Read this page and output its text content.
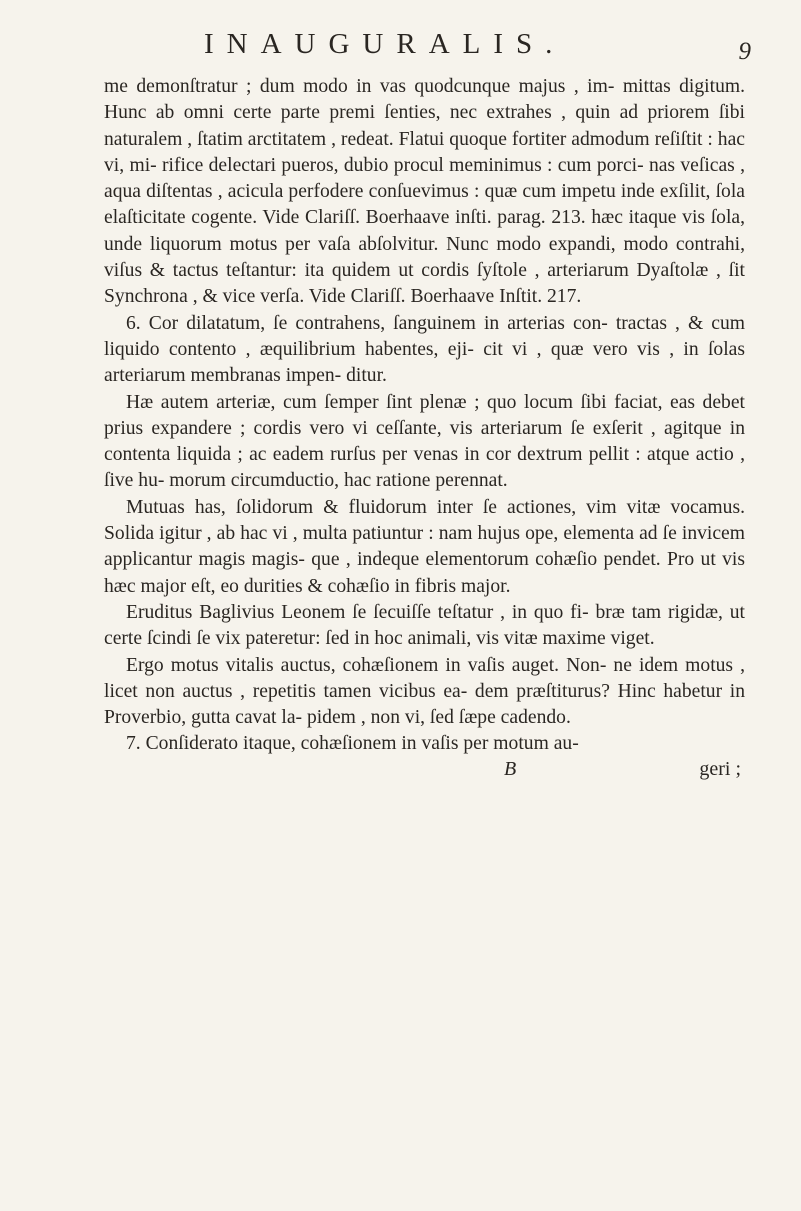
INAUGURALIS.	9

me demonſtratur ; dum modo in vas quodcunque majus , im- mittas digitum. Hunc ab omni certe parte premi ſenties, nec extrahes , quin ad priorem ſibi naturalem , ſtatim arctitatem , redeat. Flatui quoque fortiter admodum reſiſtit : hac vi, mi- rifice delectari pueros, dubio procul meminimus : cum porci- nas veſicas , aqua diſtentas , acicula perfodere conſuevimus : quæ cum impetu inde exſilit, ſola elaſticitate cogente. Vide Clariſſ. Boerhaave inſti. parag. 213. hæc itaque vis ſola, unde liquorum motus per vaſa abſolvitur. Nunc modo expandi, modo contrahi, viſus & tactus teſtantur: ita quidem ut cordis ſyſtole , arteriarum Dyaſtolæ , ſit Synchrona , & vice verſa. Vide Clariſſ. Boerhaave Inſtit. 217.

6. Cor dilatatum, ſe contrahens, ſanguinem in arterias con- tractas , & cum liquido contento , æquilibrium habentes, eji- cit vi , quæ vero vis , in ſolas arteriarum membranas impen- ditur.

Hæ autem arteriæ, cum ſemper ſint plenæ ; quo locum ſibi faciat, eas debet prius expandere ; cordis vero vi ceſſante, vis arteriarum ſe exſerit , agitque in contenta liquida ; ac eadem rurſus per venas in cor dextrum pellit : atque actio , ſive hu- morum circumductio, hac ratione perennat.

Mutuas has, ſolidorum & fluidorum inter ſe actiones, vim vitæ vocamus. Solida igitur , ab hac vi , multa patiuntur : nam hujus ope, elementa ad ſe invicem applicantur magis magis- que , indeque elementorum cohæſio pendet. Pro ut vis hæc major eſt, eo durities & cohæſio in fibris major.

Eruditus Baglivius Leonem ſe ſecuiſſe teſtatur , in quo fi- bræ tam rigidæ, ut certe ſcindi ſe vix pateretur: ſed in hoc animali, vis vitæ maxime viget.

Ergo motus vitalis auctus, cohæſionem in vaſis auget. Non- ne idem motus , licet non auctus , repetitis tamen vicibus ea- dem præſtiturus? Hinc habetur in Proverbio, gutta cavat la- pidem , non vi, ſed ſæpe cadendo.

7. Conſiderato itaque, cohæſionem in vaſis per motum au-

B	geri ;
